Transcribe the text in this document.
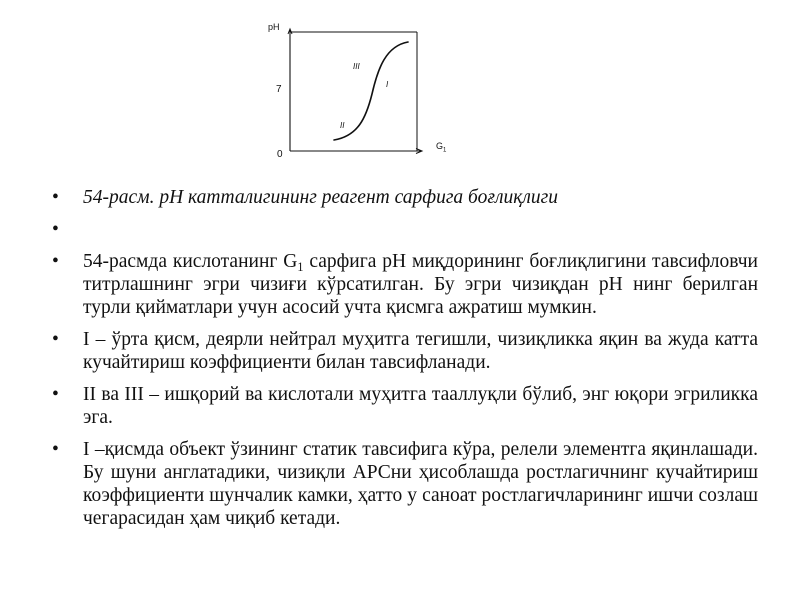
pH
7
0
$G_1$
III
I
II
•	54-расм. рН катталигининг реагент сарфига боғлиқлиги
•
•	54-расмда кислотанинг $G_1$ сарфига рН миқдорининг боғлиқлигини тавсифловчи титрлашнинг эгри чизиғи кўрсатилган. Бу эгри чизиқдан рН нинг берилган турли қийматлари учун асосий учта қисмга ажратиш мумкин.
•	I – ўрта қисм, деярли нейтрал муҳитга тегишли, чизиқликка яқин ва жуда катта кучайтириш коэффициенти билан тавсифланади.
•	II ва III – ишқорий ва кислотали муҳитга тааллуқли бўлиб, энг юқори эгриликка эга.
•	I –қисмда объект ўзининг статик тавсифига кўра, релели элементга яқинлашади. Бу шуни англатадики, чизиқли АРСни ҳисоблашда ростлагичнинг кучайтириш коэффициенти шунчалик камки, ҳатто у саноат ростлагичларининг ишчи созлаш чегарасидан ҳам чиқиб кетади.
